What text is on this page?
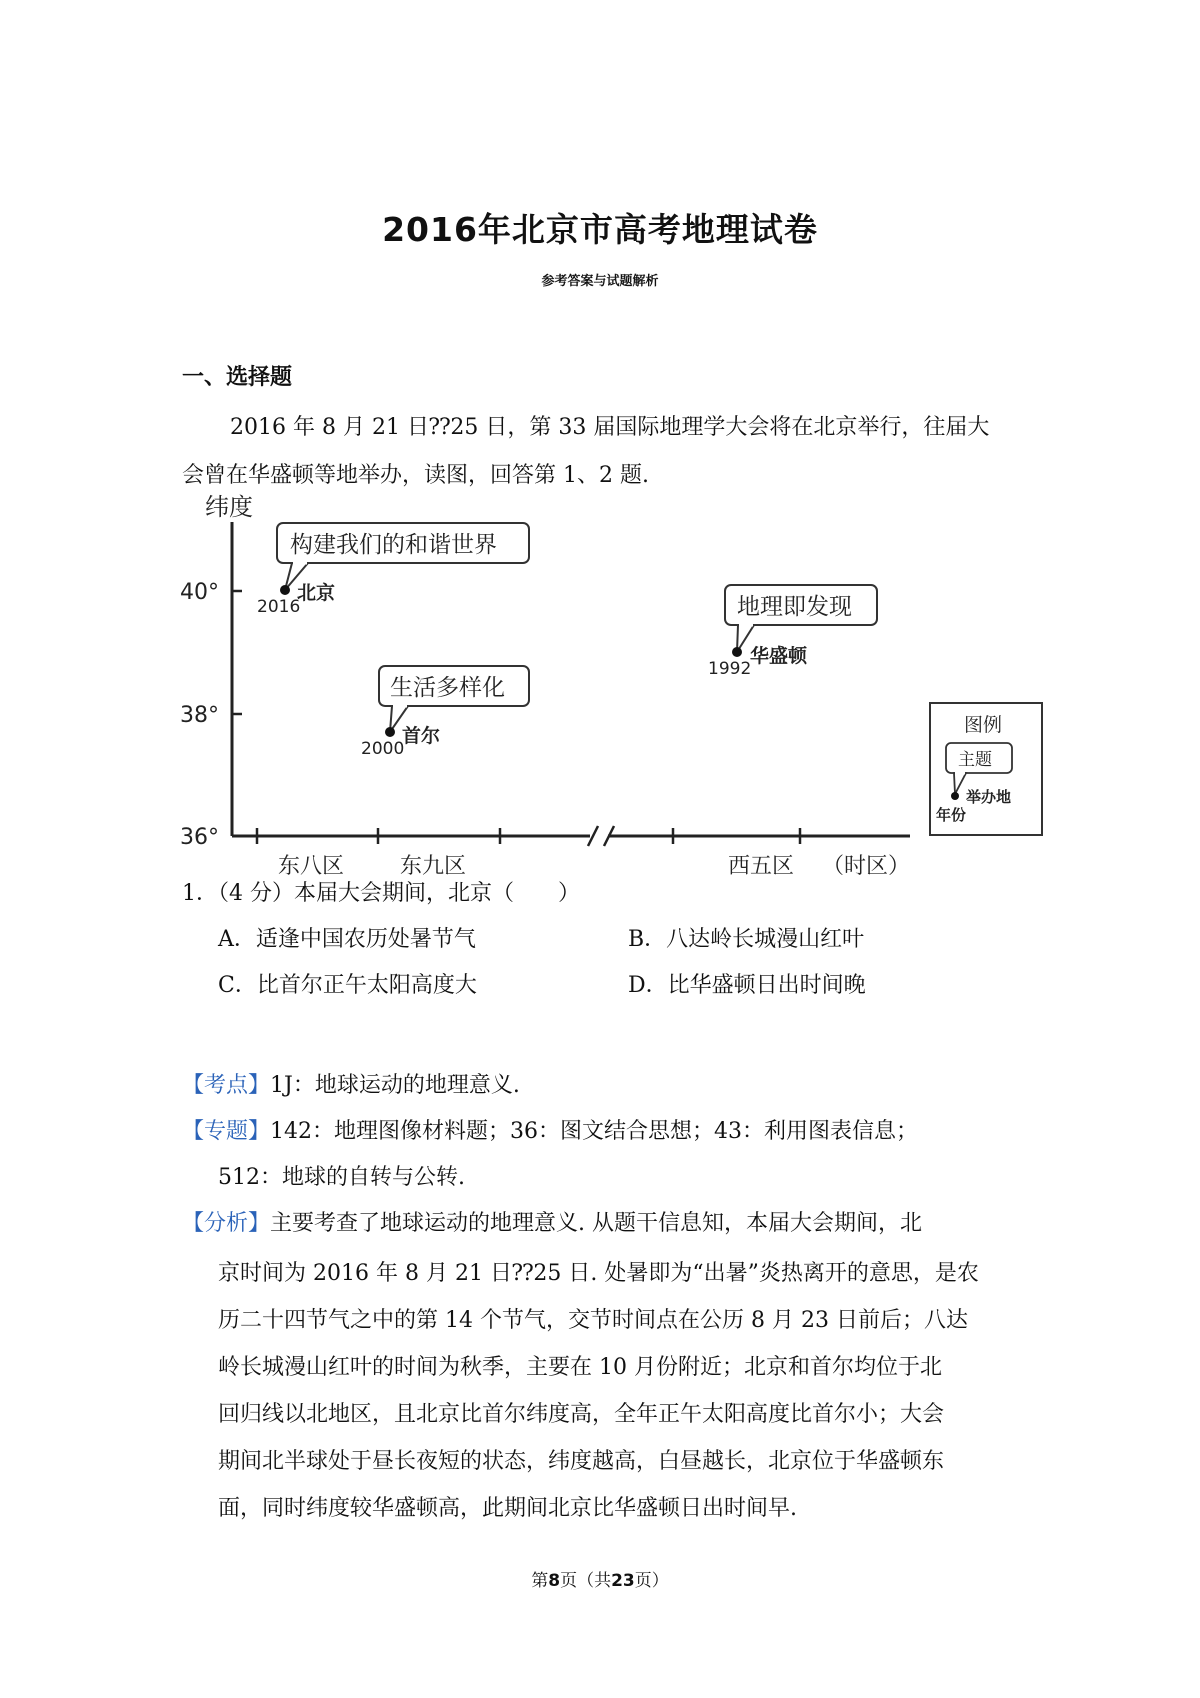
2016年北京市高考地理试卷
参考答案与试题解析
一、选择题
2016 年 8 月 21 日⁇25 日，第 33 届国际地理学大会将在北京举行，往届大
会曾在华盛顿等地举办，读图，回答第 1、2 题.
纬度
40°
38°
36°
东八区	东九区	西五区 （时区）
构建我们的和谐世界
2016
北京
生活多样化
2000
首尔
地理即发现
1992
华盛顿
图例
主题
举办地
年份
1．（4 分）本届大会期间，北京（　　）
A．适逢中国农历处暑节气	B．八达岭长城漫山红叶
C．比首尔正午太阳高度大	D．比华盛顿日出时间晚
【考点】1J：地球运动的地理意义.
【专题】142：地理图像材料题；36：图文结合思想；43：利用图表信息；
512：地球的自转与公转.
【分析】主要考查了地球运动的地理意义. 从题干信息知，本届大会期间，北
京时间为 2016 年 8 月 21 日⁇25 日. 处暑即为“出暑”炎热离开的意思，是农
历二十四节气之中的第 14 个节气，交节时间点在公历 8 月 23 日前后；八达
岭长城漫山红叶的时间为秋季，主要在 10 月份附近；北京和首尔均位于北
回归线以北地区，且北京比首尔纬度高，全年正午太阳高度比首尔小；大会
期间北半球处于昼长夜短的状态，纬度越高，白昼越长，北京位于华盛顿东
面，同时纬度较华盛顿高，此期间北京比华盛顿日出时间早.
第8页（共23页）
